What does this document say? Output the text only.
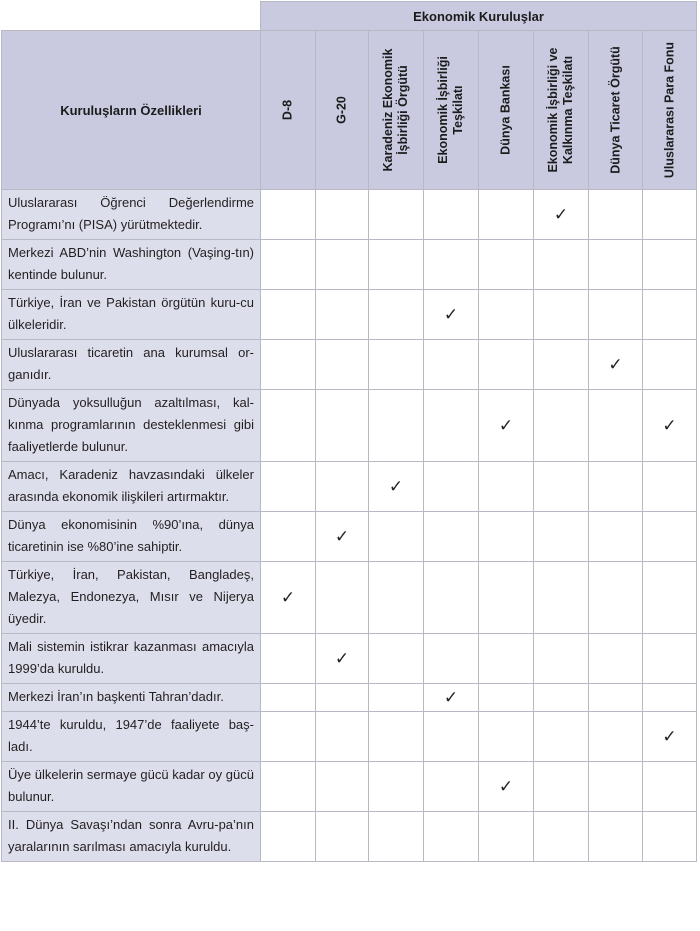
	Ekonomik Kuruluşlar							
Kuruluşların Özellikleri	D-8	G-20	Karadeniz Ekonomik İşbirliği Örgütü	Ekonomik İşbirliği Teşkilatı	Dünya Bankası	Ekonomik İşbirliği ve Kalkınma Teşkilatı	Dünya Ticaret Örgütü	Uluslararası Para Fonu

Uluslararası Öğrenci Değerlendirme Programı’nı (PISA) yürütmektedir.						✓		
Merkezi ABD’nin Washington (Vaşing-tın) kentinde bulunur.								
Türkiye, İran ve Pakistan örgütün kuru-cu ülkeleridir.				✓				
Uluslararası ticaretin ana kurumsal or-ganıdır.							✓	
Dünyada yoksulluğun azaltılması, kal-kınma programlarının desteklenmesi gibi faaliyetlerde bulunur.					✓			✓
Amacı, Karadeniz havzasındaki ülkeler arasında ekonomik ilişkileri artırmaktır.			✓					
Dünya ekonomisinin %90’ına, dünya ticaretinin ise %80’ine sahiptir.		✓						
Türkiye, İran, Pakistan, Bangladeş, Malezya, Endonezya, Mısır ve Nijerya üyedir.	✓							
Mali sistemin istikrar kazanması amacıyla 1999’da kuruldu.		✓						
Merkezi İran’ın başkenti Tahran’dadır.				✓				
1944’te kuruldu, 1947’de faaliyete baş-ladı.								✓
Üye ülkelerin sermaye gücü kadar oy gücü bulunur.					✓			
II. Dünya Savaşı’ndan sonra Avru-pa’nın yaralarının sarılması amacıyla kuruldu.								
